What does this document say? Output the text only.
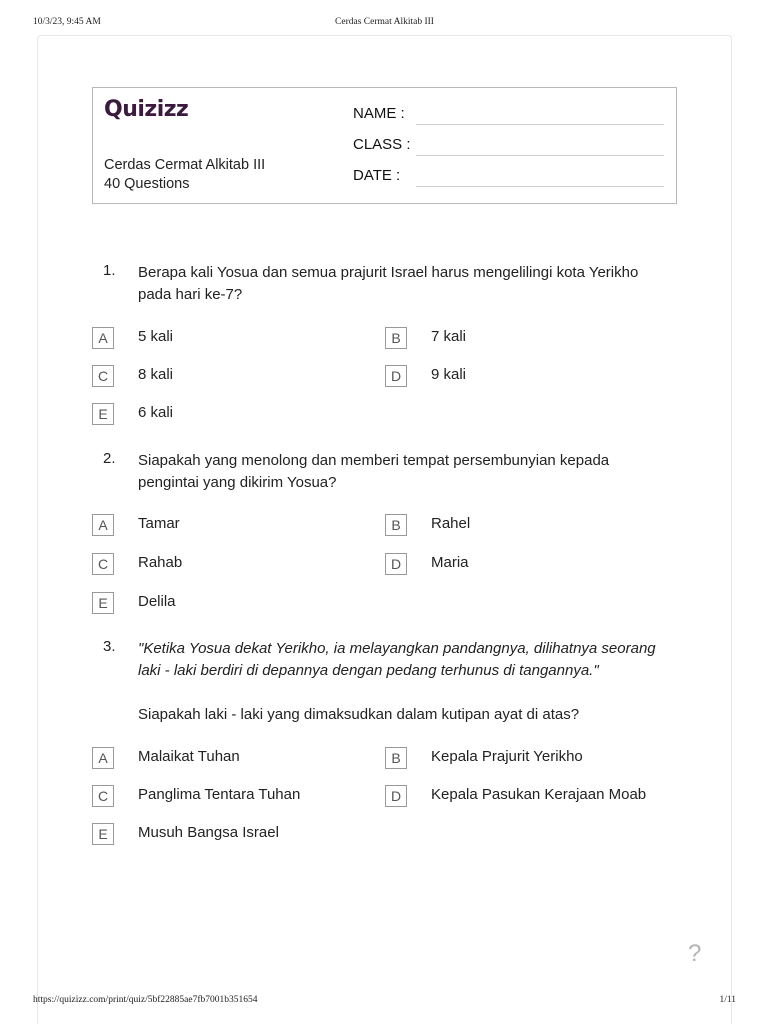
10/3/23, 9:45 AM	Cerdas Cermat Alkitab III
Quizizz
Cerdas Cermat Alkitab III
40 Questions
NAME :
CLASS :
DATE :
1. Berapa kali Yosua dan semua prajurit Israel harus mengelilingi kota Yerikho pada hari ke-7?
A	5 kali	B	7 kali
C	8 kali	D	9 kali
E	6 kali
2. Siapakah yang menolong dan memberi tempat persembunyian kepada pengintai yang dikirim Yosua?
A	Tamar	B	Rahel
C	Rahab	D	Maria
E	Delila
3. "Ketika Yosua dekat Yerikho, ia melayangkan pandangnya, dilihatnya seorang laki - laki berdiri di depannya dengan pedang terhunus di tangannya."
Siapakah laki - laki yang dimaksudkan dalam kutipan ayat di atas?
A	Malaikat Tuhan	B	Kepala Prajurit Yerikho
C	Panglima Tentara Tuhan	D	Kepala Pasukan Kerajaan Moab
E	Musuh Bangsa Israel
?
https://quizizz.com/print/quiz/5bf22885ae7fb7001b351654	1/11
